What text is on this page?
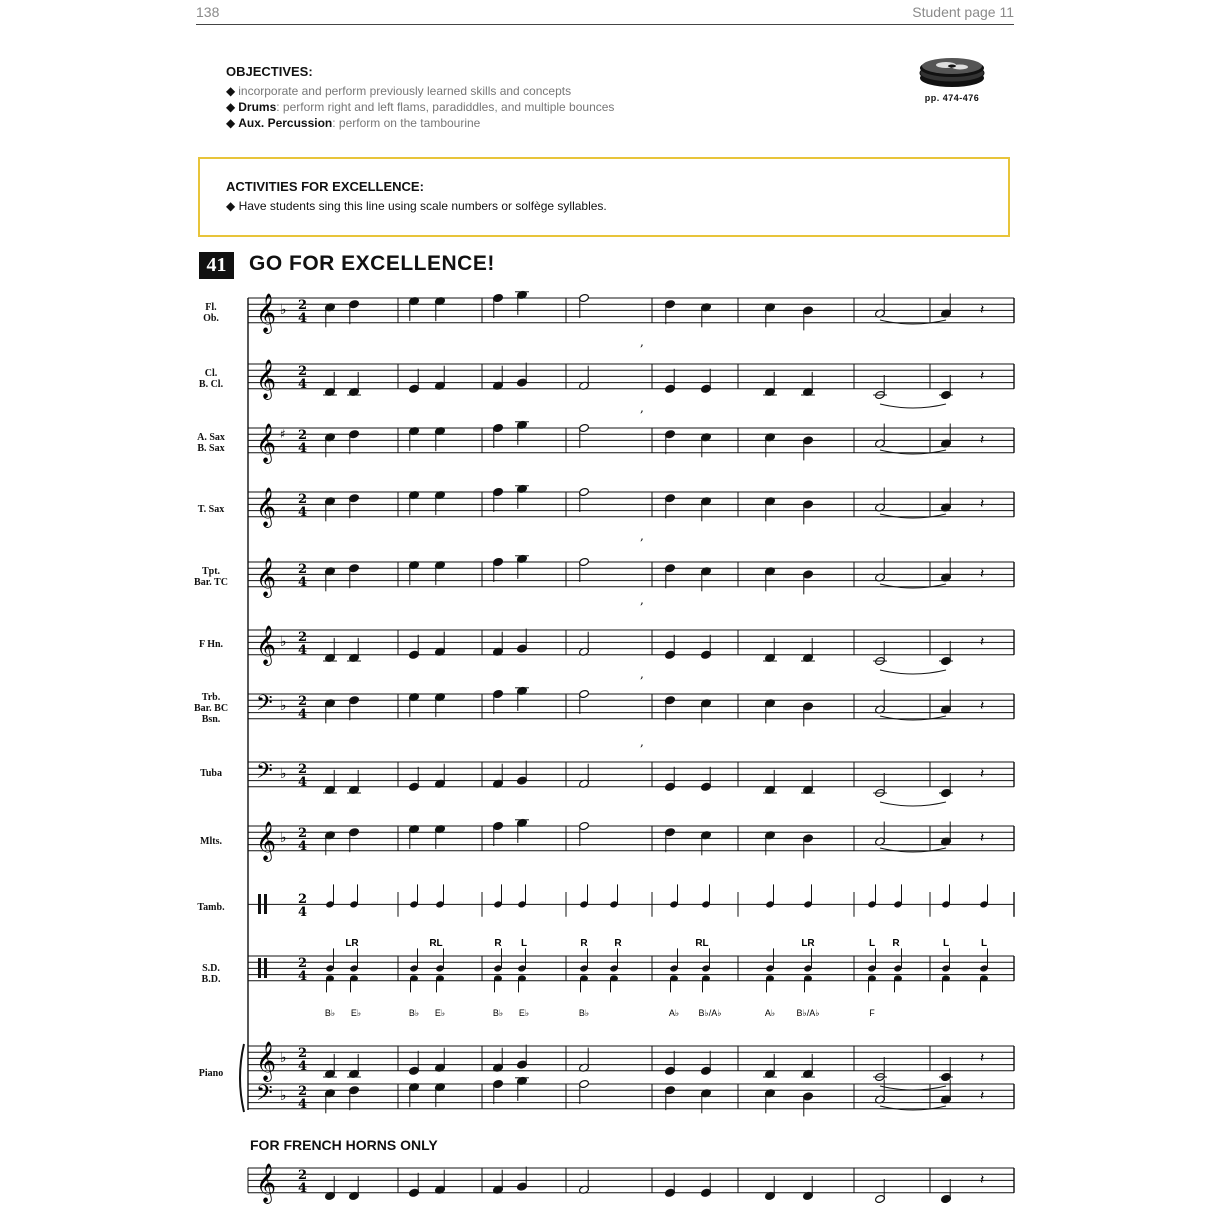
138	Student page 11
OBJECTIVES:
◆ incorporate and perform previously learned skills and concepts
◆ Drums: perform right and left flams, paradiddles, and multiple bounces
◆ Aux. Percussion: perform on the tambourine
pp. 474-476
ACTIVITIES FOR EXCELLENCE:
◆ Have students sing this line using scale numbers or solfège syllables.
41	GO FOR EXCELLENCE!
Fl.
Ob.
Cl.
B. Cl.
A. Sax
B. Sax
T. Sax
Tpt.
Bar. TC
F Hn.
Trb.
Bar. BC
Bsn.
Tuba
Mlts.
Tamb.
S.D.
B.D.
Piano
FOR FRENCH HORNS ONLY
𝄞 ♭ 2
4
𝄽
𝄞 2
4
𝄽
𝄞 ♯ 2
4
𝄽
𝄞 2
4
𝄽
𝄞 2
4
𝄽
𝄞 ♭ 2
4
𝄽
𝄢 ♭ 2
4
𝄽
𝄢 ♭ 2
4
𝄽
𝄞 ♭ 2
4
𝄽
2
4
2
4
𝄞 ♭ 2
4
𝄽
𝄢 ♭ 2
4
𝄽
,
,
,
,
,
,
LR	RL	R L	R	R	RL	LR	L R	L	L
B♭ E♭	B♭ E♭	B♭ E♭	B♭	A♭ B♭/A♭	A♭ B♭/A♭	F
𝄞 2
4
𝄽
